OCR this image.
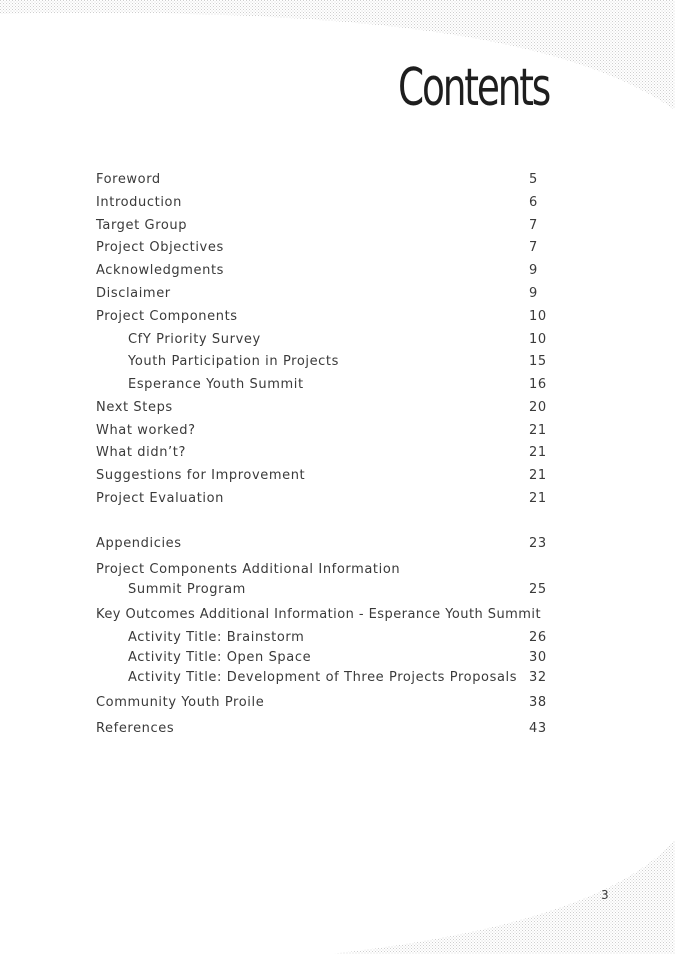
Contents
Foreword	5
Introduction	6
Target Group	7
Project Objectives	7
Acknowledgments	9
Disclaimer	9
Project Components	10
CfY Priority Survey	10
Youth Participation in Projects	15
Esperance Youth Summit	16
Next Steps	20
What worked?	21
What didn’t?	21
Suggestions for Improvement	21
Project Evaluation	21
Appendicies	23
Project Components Additional Information
Summit Program	25
Key Outcomes Additional Information - Esperance Youth Summit
Activity Title: Brainstorm	26
Activity Title: Open Space	30
Activity Title: Development of Three Projects Proposals 32
Community Youth Proile	38
References	43
3
